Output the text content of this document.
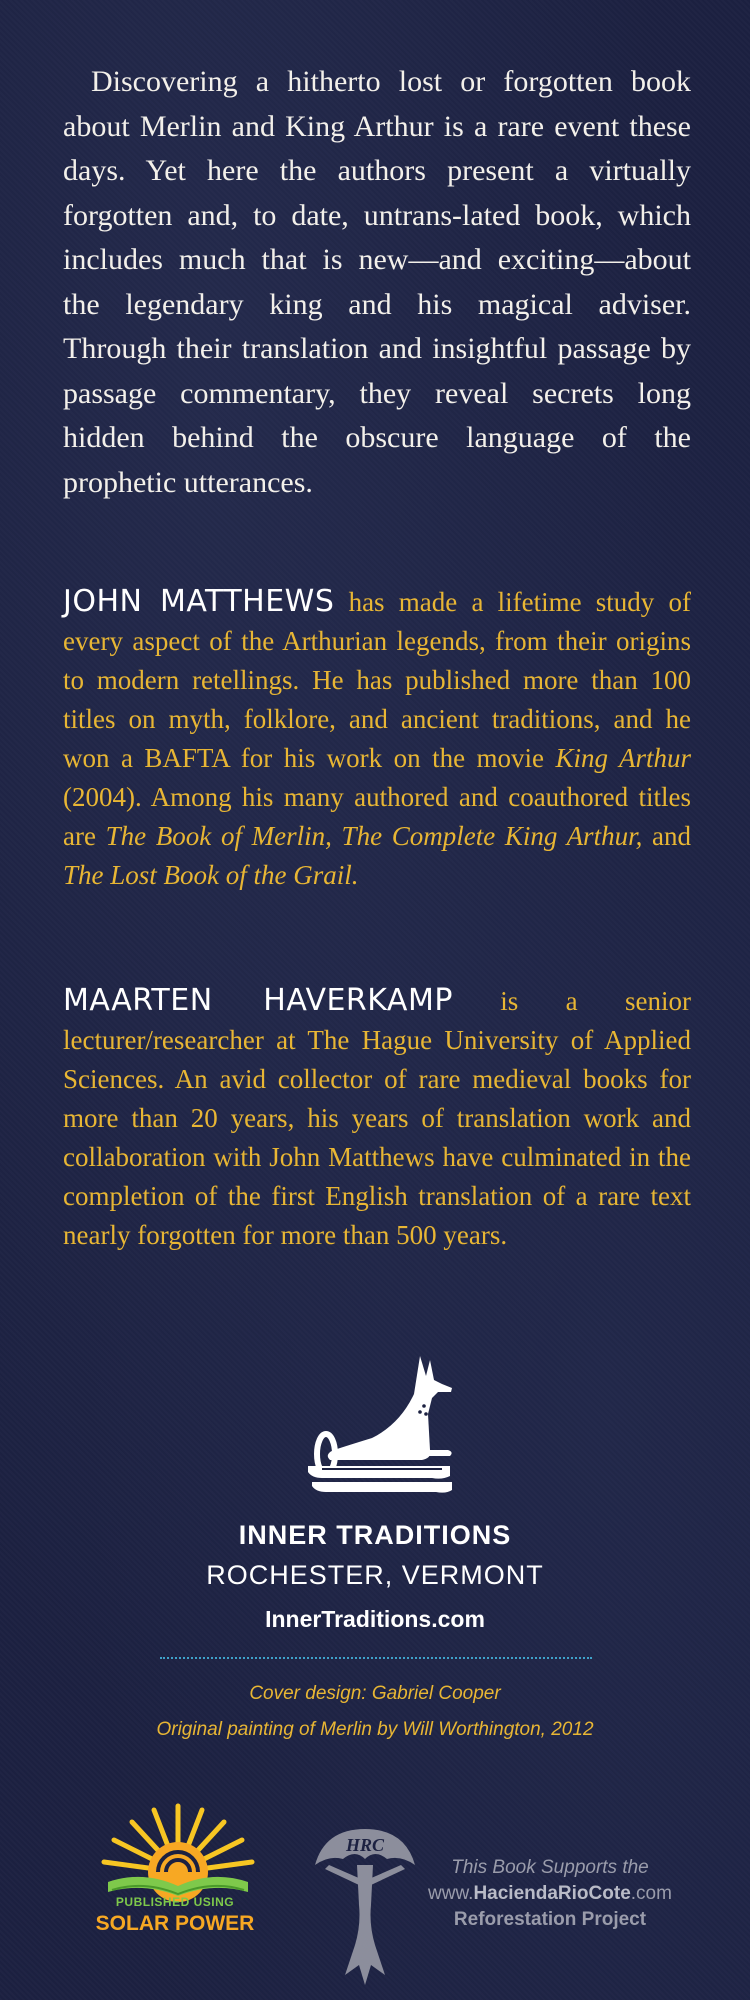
Discovering a hitherto lost or forgotten book about Merlin and King Arthur is a rare event these days. Yet here the authors present a virtually forgotten and, to date, untrans-lated book, which includes much that is new—and exciting—about the legendary king and his magical adviser. Through their translation and insightful passage by passage commentary, they reveal secrets long hidden behind the obscure language of the prophetic utterances.

JOHN MATTHEWS has made a lifetime study of every aspect of the Arthurian legends, from their origins to modern retellings. He has published more than 100 titles on myth, folklore, and ancient traditions, and he won a BAFTA for his work on the movie King Arthur (2004). Among his many authored and coauthored titles are The Book of Merlin, The Complete King Arthur, and The Lost Book of the Grail.

MAARTEN HAVERKAMP is a senior lecturer/researcher at The Hague University of Applied Sciences. An avid collector of rare medieval books for more than 20 years, his years of translation work and collaboration with John Matthews have culminated in the completion of the first English translation of a rare text nearly forgotten for more than 500 years.

INNER TRADITIONS

ROCHESTER, VERMONT

InnerTraditions.com

Cover design: Gabriel Cooper

Original painting of Merlin by Will Worthington, 2012

PUBLISHED USING
SOLAR POWER
HRC
This Book Supports the
www.HaciendaRioCote.com
Reforestation Project
